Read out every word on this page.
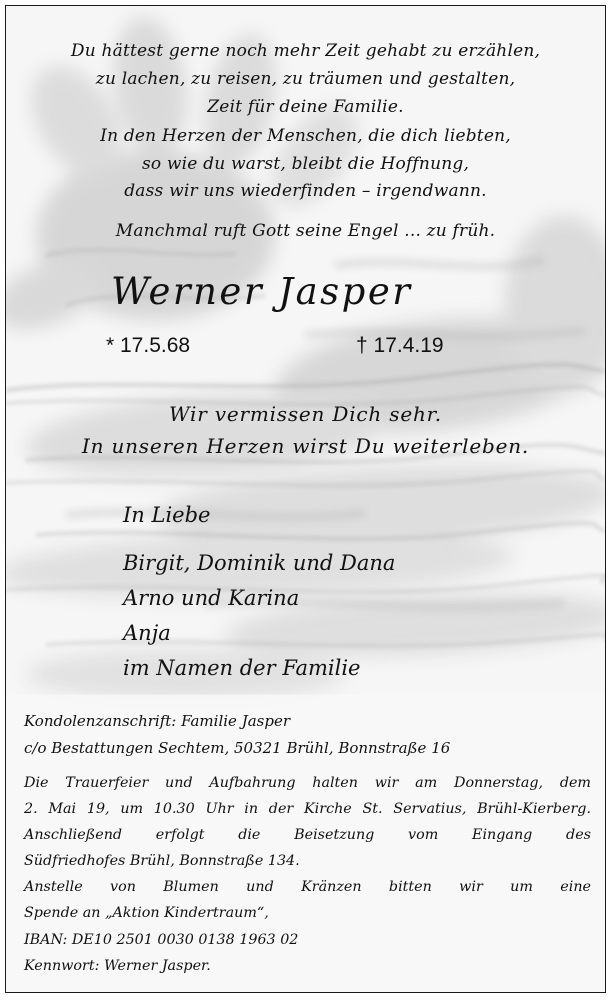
Du hättest gerne noch mehr Zeit gehabt zu erzählen,
zu lachen, zu reisen, zu träumen und gestalten,
Zeit für deine Familie.
In den Herzen der Menschen, die dich liebten,
so wie du warst, bleibt die Hoffnung,
dass wir uns wiederfinden – irgendwann.
Manchmal ruft Gott seine Engel ... zu früh.
Werner Jasper
* 17.5.68	† 17.4.19
Wir vermissen Dich sehr.
In unseren Herzen wirst Du weiterleben.
In Liebe
Birgit, Dominik und Dana
Arno und Karina
Anja
im Namen der Familie
Kondolenzanschrift: Familie Jasper
c/o Bestattungen Sechtem, 50321 Brühl, Bonnstraße 16
Die Trauerfeier und Aufbahrung halten wir am Donnerstag, dem
2. Mai 19, um 10.30 Uhr in der Kirche St. Servatius, Brühl-Kierberg.
Anschließend erfolgt die Beisetzung vom Eingang des
Südfriedhofes Brühl, Bonnstraße 134.
Anstelle von Blumen und Kränzen bitten wir um eine
Spende an „Aktion Kindertraum“,
IBAN: DE10 2501 0030 0138 1963 02
Kennwort: Werner Jasper.
